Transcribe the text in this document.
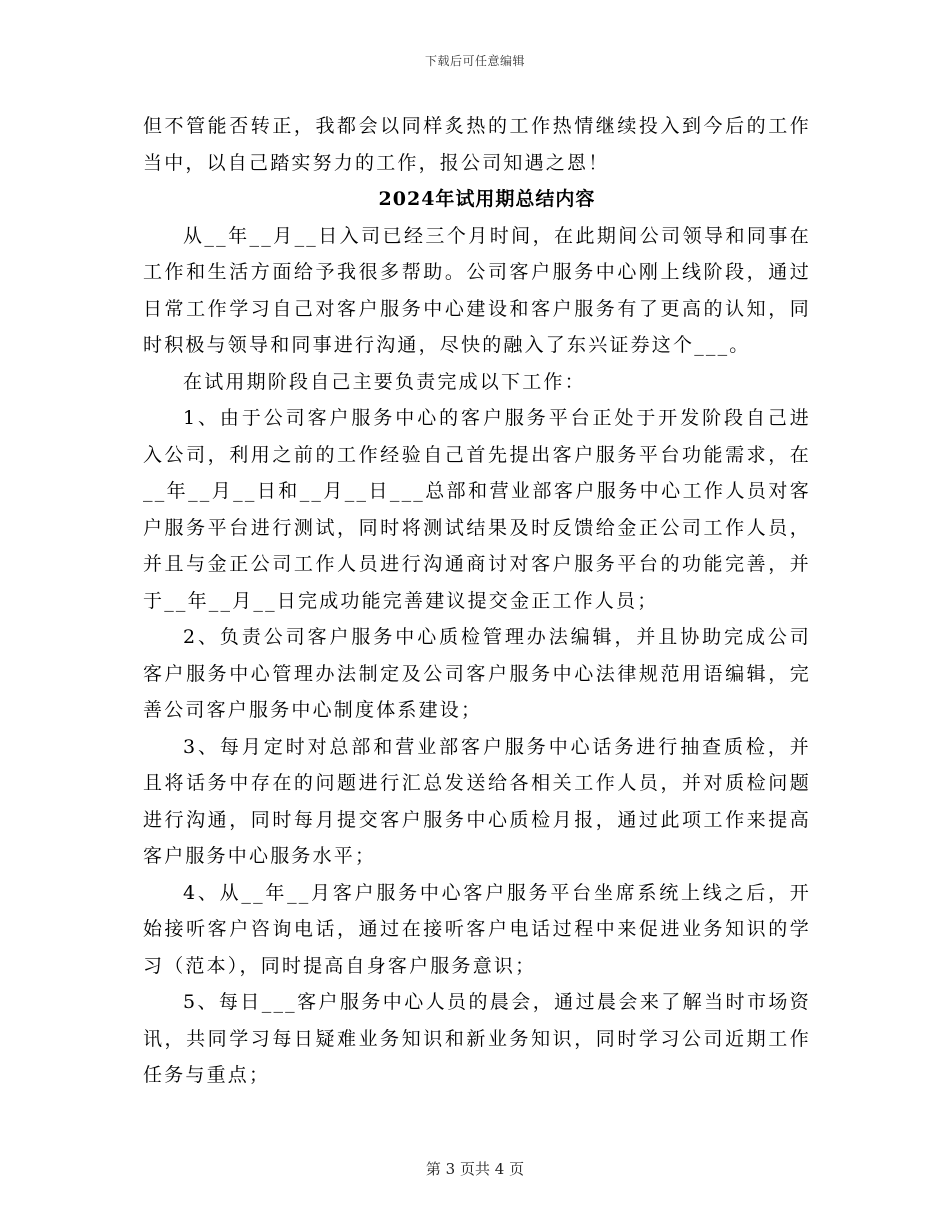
下载后可任意编辑

但不管能否转正，我都会以同样炙热的工作热情继续投入到今后的工作当中，以自己踏实努力的工作，报公司知遇之恩！

2024年试用期总结内容

从__年__月__日入司已经三个月时间，在此期间公司领导和同事在工作和生活方面给予我很多帮助。公司客户服务中心刚上线阶段，通过日常工作学习自己对客户服务中心建设和客户服务有了更高的认知，同时积极与领导和同事进行沟通，尽快的融入了东兴证券这个___。

在试用期阶段自己主要负责完成以下工作：

1、由于公司客户服务中心的客户服务平台正处于开发阶段自己进入公司，利用之前的工作经验自己首先提出客户服务平台功能需求，在__年__月__日和__月__日___总部和营业部客户服务中心工作人员对客户服务平台进行测试，同时将测试结果及时反馈给金正公司工作人员，并且与金正公司工作人员进行沟通商讨对客户服务平台的功能完善，并于__年__月__日完成功能完善建议提交金正工作人员；

2、负责公司客户服务中心质检管理办法编辑，并且协助完成公司客户服务中心管理办法制定及公司客户服务中心法律规范用语编辑，完善公司客户服务中心制度体系建设；

3、每月定时对总部和营业部客户服务中心话务进行抽查质检，并且将话务中存在的问题进行汇总发送给各相关工作人员，并对质检问题进行沟通，同时每月提交客户服务中心质检月报，通过此项工作来提高客户服务中心服务水平；

4、从__年__月客户服务中心客户服务平台坐席系统上线之后，开始接听客户咨询电话，通过在接听客户电话过程中来促进业务知识的学习（范本），同时提高自身客户服务意识；

5、每日___客户服务中心人员的晨会，通过晨会来了解当时市场资讯，共同学习每日疑难业务知识和新业务知识，同时学习公司近期工作任务与重点；

第 3 页共 4 页
